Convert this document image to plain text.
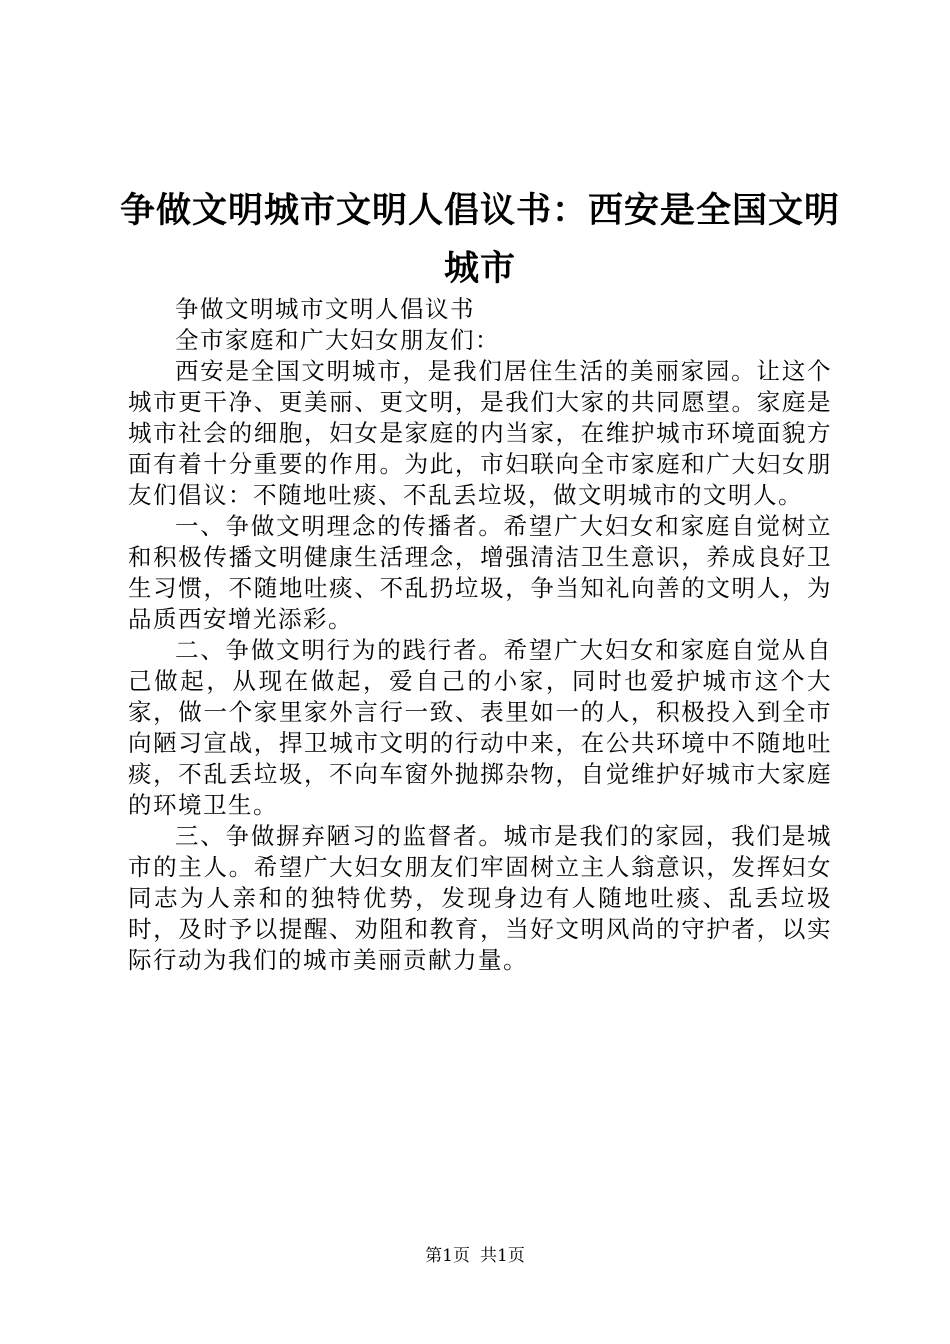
争做文明城市文明人倡议书：西安是全国文明城市

争做文明城市文明人倡议书

全市家庭和广大妇女朋友们：

西安是全国文明城市，是我们居住生活的美丽家园。让这个城市更干净、更美丽、更文明，是我们大家的共同愿望。家庭是城市社会的细胞，妇女是家庭的内当家，在维护城市环境面貌方面有着十分重要的作用。为此，市妇联向全市家庭和广大妇女朋友们倡议：不随地吐痰、不乱丢垃圾，做文明城市的文明人。

一、争做文明理念的传播者。希望广大妇女和家庭自觉树立和积极传播文明健康生活理念，增强清洁卫生意识，养成良好卫生习惯，不随地吐痰、不乱扔垃圾，争当知礼向善的文明人，为品质西安增光添彩。

二、争做文明行为的践行者。希望广大妇女和家庭自觉从自己做起，从现在做起，爱自己的小家，同时也爱护城市这个大家，做一个家里家外言行一致、表里如一的人，积极投入到全市向陋习宣战，捍卫城市文明的行动中来，在公共环境中不随地吐痰，不乱丢垃圾，不向车窗外抛掷杂物，自觉维护好城市大家庭的环境卫生。

三、争做摒弃陋习的监督者。城市是我们的家园，我们是城市的主人。希望广大妇女朋友们牢固树立主人翁意识，发挥妇女同志为人亲和的独特优势，发现身边有人随地吐痰、乱丢垃圾时，及时予以提醒、劝阻和教育，当好文明风尚的守护者，以实际行动为我们的城市美丽贡献力量。

第1页 共1页
